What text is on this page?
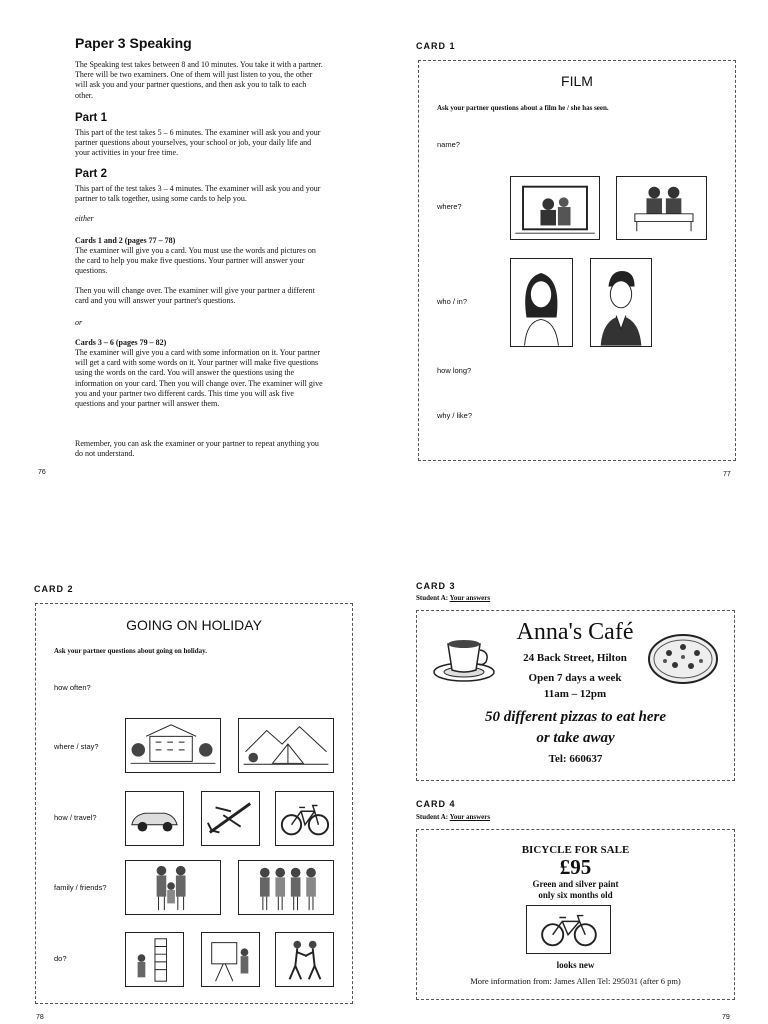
Paper 3 Speaking

The Speaking test takes between 8 and 10 minutes. You take it with a partner. There will be two examiners. One of them will just listen to you, the other will ask you and your partner questions, and then ask you to talk to each other.

Part 1

This part of the test takes 5 – 6 minutes. The examiner will ask you and your partner questions about yourselves, your school or job, your daily life and your activities in your free time.

Part 2

This part of the test takes 3 – 4 minutes. The examiner will ask you and your partner to talk together, using some cards to help you.

either
Cards 1 and 2 (pages 77 – 78)

The examiner will give you a card. You must use the words and pictures on the card to help you make five questions. Your partner will answer your questions.

Then you will change over. The examiner will give your partner a different card and you will answer your partner's questions.

or
Cards 3 – 6 (pages 79 – 82)

The examiner will give you a card with some information on it. Your partner will get a card with some words on it. Your partner will make five questions using the words on the card. You will answer the questions using the information on your card. Then you will change over. The examiner will give you and your partner two different cards. This time you will ask five questions and your partner will answer them.

Remember, you can ask the examiner or your partner to repeat anything you do not understand.

76
CARD 1
FILM
Ask your partner questions about a film he / she has seen.
name?
where?
who / in?
how long?
why / like?
77
CARD 2
GOING ON HOLIDAY
Ask your partner questions about going on holiday.
how often?
where / stay?
how / travel?
family / friends?
do?
78
CARD 3
Student A: Your answers
Anna's Café
24 Back Street, Hilton
Open 7 days a week
11am – 12pm
50 different pizzas to eat here
or take away
Tel: 660637
CARD 4
Student A: Your answers
BICYCLE FOR SALE
£95
Green and silver paint
only six months old
looks new
More information from: James Allen Tel: 295031 (after 6 pm)
79
